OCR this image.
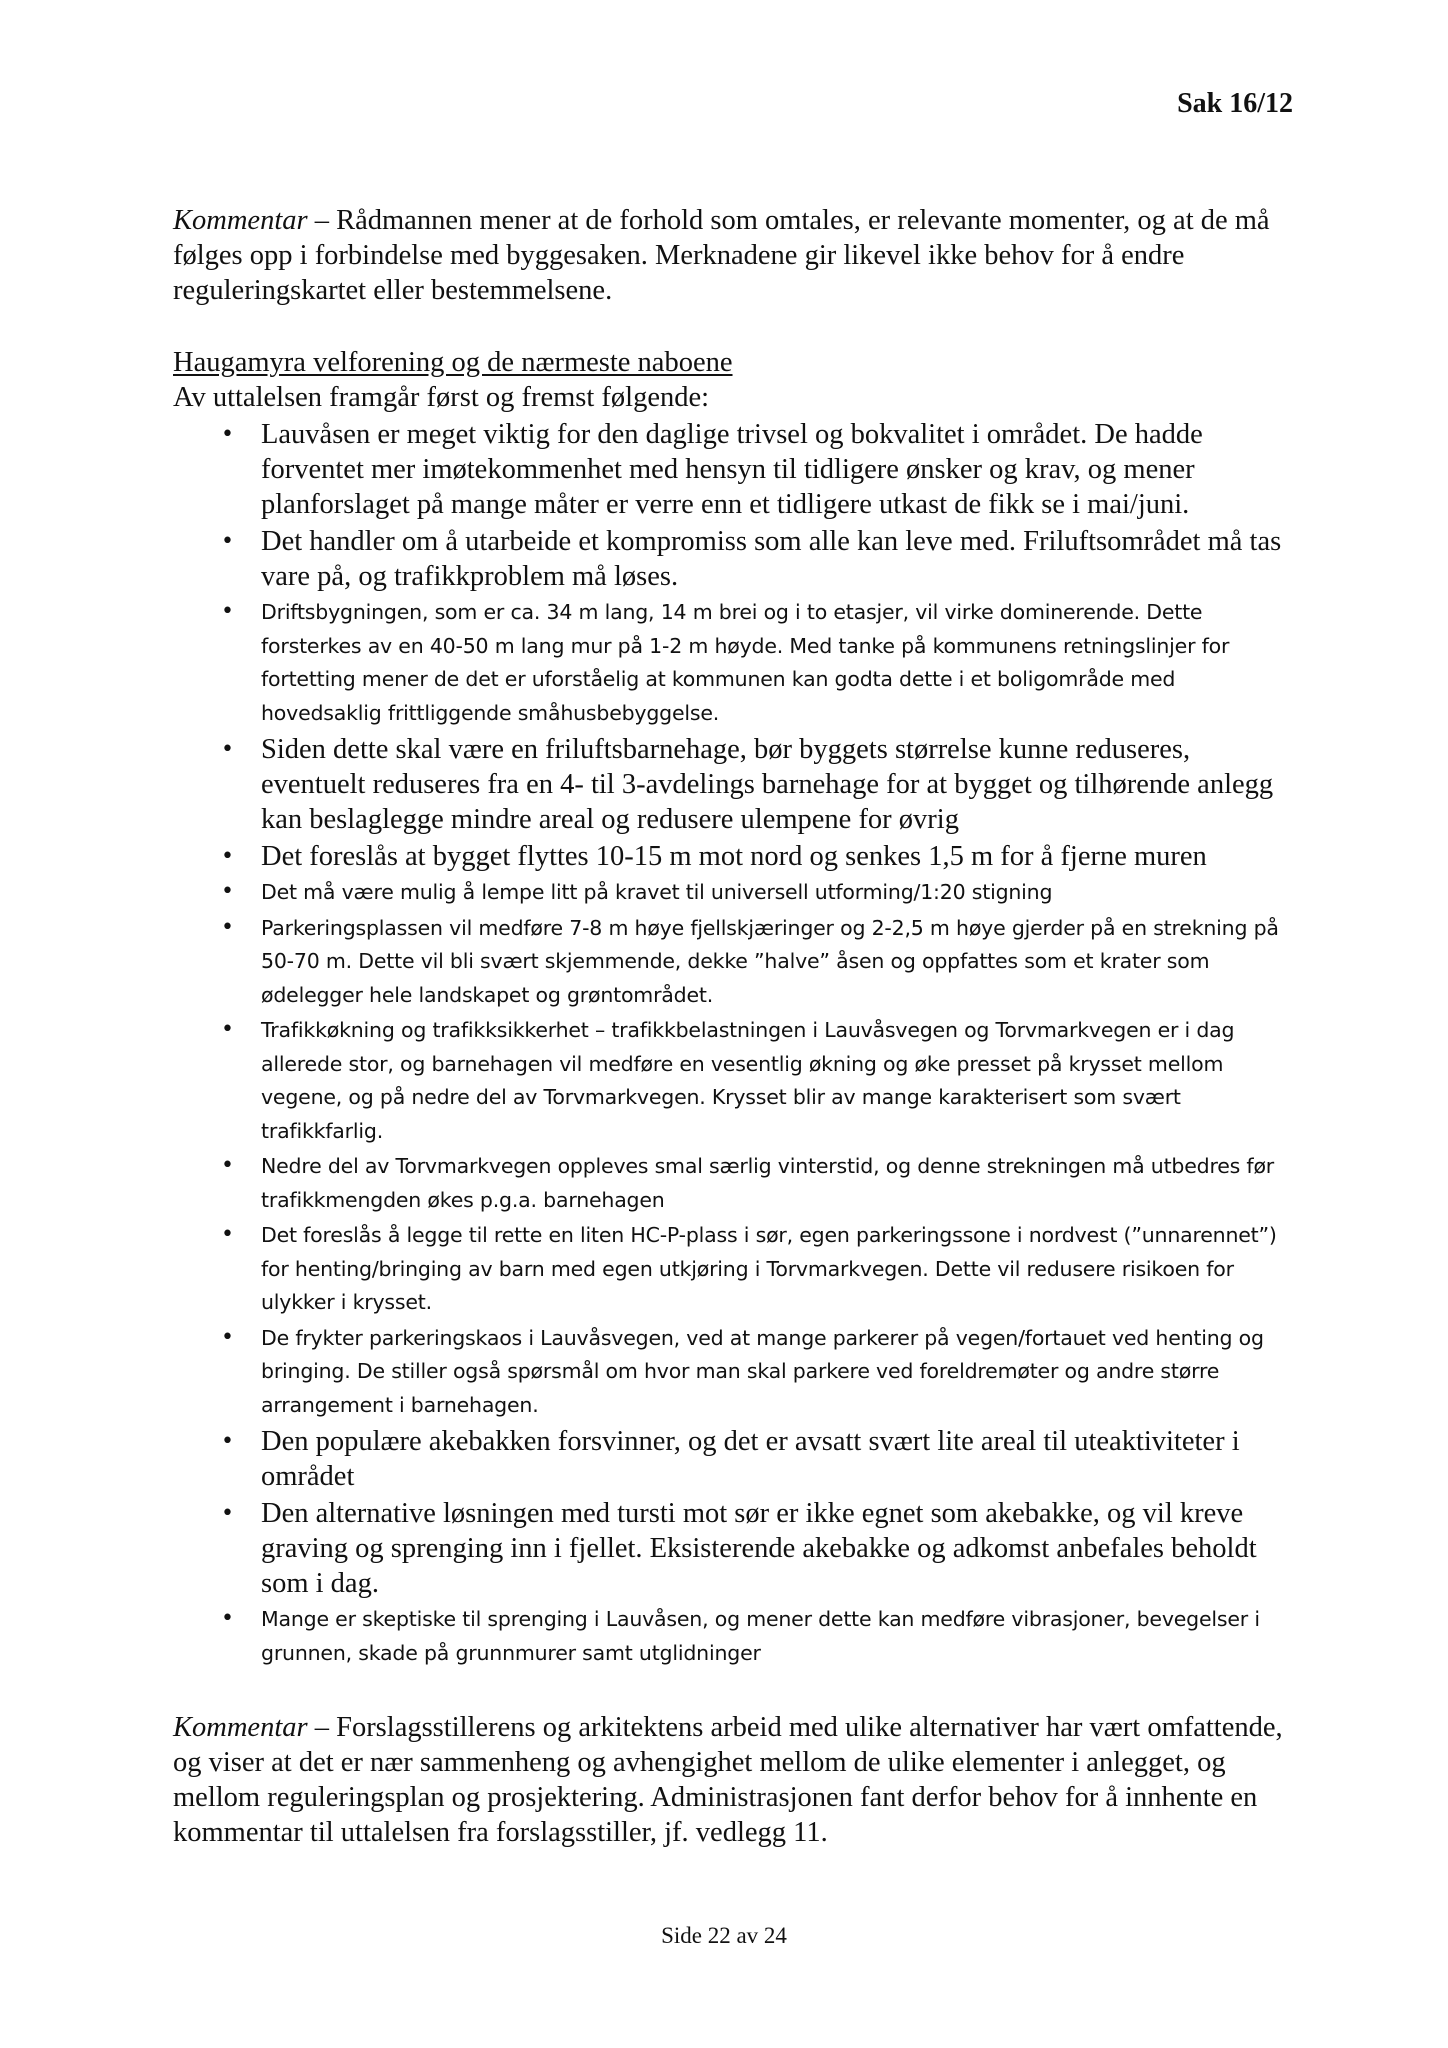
Sak 16/12

Kommentar – Rådmannen mener at de forhold som omtales, er relevante momenter, og at de må følges opp i forbindelse med byggesaken. Merknadene gir likevel ikke behov for å endre reguleringskartet eller bestemmelsene.

Haugamyra velforening og de nærmeste naboene

Av uttalelsen framgår først og fremst følgende:

• Lauvåsen er meget viktig for den daglige trivsel og bokvalitet i området. De hadde forventet mer imøtekommenhet med hensyn til tidligere ønsker og krav, og mener planforslaget på mange måter er verre enn et tidligere utkast de fikk se i mai/juni.
• Det handler om å utarbeide et kompromiss som alle kan leve med. Friluftsområdet må tas vare på, og trafikkproblem må løses.
• Driftsbygningen, som er ca. 34 m lang, 14 m brei og i to etasjer, vil virke dominerende. Dette forsterkes av en 40-50 m lang mur på 1-2 m høyde. Med tanke på kommunens retningslinjer for fortetting mener de det er uforståelig at kommunen kan godta dette i et boligområde med hovedsaklig frittliggende småhusbebyggelse.
• Siden dette skal være en friluftsbarnehage, bør byggets størrelse kunne reduseres, eventuelt reduseres fra en 4- til 3-avdelings barnehage for at bygget og tilhørende anlegg kan beslaglegge mindre areal og redusere ulempene for øvrig
• Det foreslås at bygget flyttes 10-15 m mot nord og senkes 1,5 m for å fjerne muren
• Det må være mulig å lempe litt på kravet til universell utforming/1:20 stigning
• Parkeringsplassen vil medføre 7-8 m høye fjellskjæringer og 2-2,5 m høye gjerder på en strekning på 50-70 m. Dette vil bli svært skjemmende, dekke ”halve” åsen og oppfattes som et krater som ødelegger hele landskapet og grøntområdet.
• Trafikkøkning og trafikksikkerhet – trafikkbelastningen i Lauvåsvegen og Torvmarkvegen er i dag allerede stor, og barnehagen vil medføre en vesentlig økning og øke presset på krysset mellom vegene, og på nedre del av Torvmarkvegen. Krysset blir av mange karakterisert som svært trafikkfarlig.
• Nedre del av Torvmarkvegen oppleves smal særlig vinterstid, og denne strekningen må utbedres før trafikkmengden økes p.g.a. barnehagen
• Det foreslås å legge til rette en liten HC-P-plass i sør, egen parkeringssone i nordvest (”unnarennet”) for henting/bringing av barn med egen utkjøring i Torvmarkvegen. Dette vil redusere risikoen for ulykker i krysset.
• De frykter parkeringskaos i Lauvåsvegen, ved at mange parkerer på vegen/fortauet ved henting og bringing. De stiller også spørsmål om hvor man skal parkere ved foreldremøter og andre større arrangement i barnehagen.
• Den populære akebakken forsvinner, og det er avsatt svært lite areal til uteaktiviteter i området
• Den alternative løsningen med tursti mot sør er ikke egnet som akebakke, og vil kreve graving og sprenging inn i fjellet. Eksisterende akebakke og adkomst anbefales beholdt som i dag.
• Mange er skeptiske til sprenging i Lauvåsen, og mener dette kan medføre vibrasjoner, bevegelser i grunnen, skade på grunnmurer samt utglidninger

Kommentar – Forslagsstillerens og arkitektens arbeid med ulike alternativer har vært omfattende, og viser at det er nær sammenheng og avhengighet mellom de ulike elementer i anlegget, og mellom reguleringsplan og prosjektering. Administrasjonen fant derfor behov for å innhente en kommentar til uttalelsen fra forslagsstiller, jf. vedlegg 11.

Side 22 av 24
